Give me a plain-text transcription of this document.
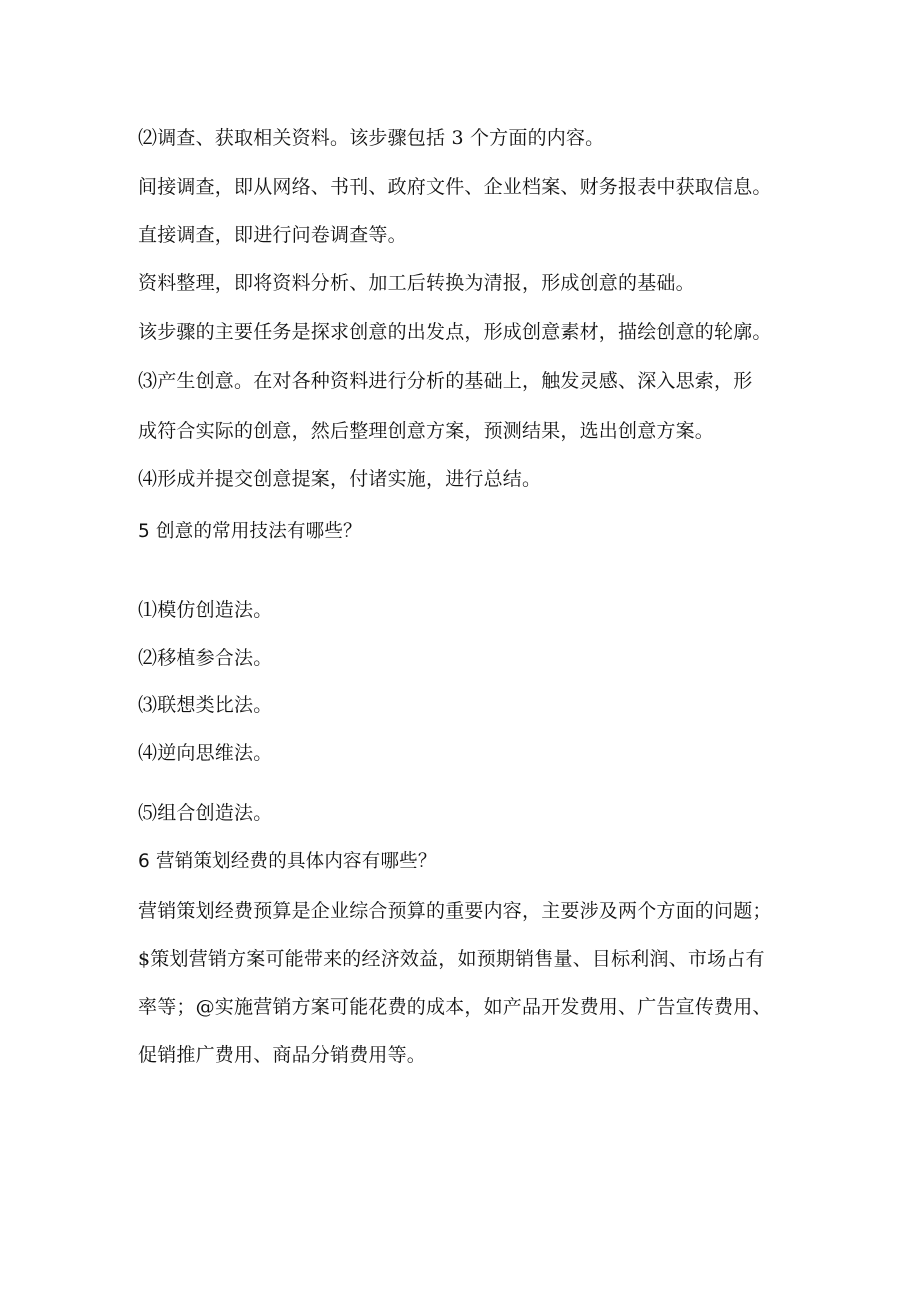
⑵调查、获取相关资料。该步骤包括 3 个方面的内容。
间接调查，即从网络、书刊、政府文件、企业档案、财务报表中获取信息。
直接调查，即进行问卷调查等。
资料整理，即将资料分析、加工后转换为清报，形成创意的基础。
该步骤的主要任务是探求创意的出发点，形成创意素材，描绘创意的轮廓。
⑶产生创意。在对各种资料进行分析的基础上，触发灵感、深入思索，形
成符合实际的创意，然后整理创意方案，预测结果，选出创意方案。
⑷形成并提交创意提案，付诸实施，进行总结。
5 创意的常用技法有哪些？
⑴模仿创造法。
⑵移植参合法。
⑶联想类比法。
⑷逆向思维法。
⑸组合创造法。
6 营销策划经费的具体内容有哪些？
营销策划经费预算是企业综合预算的重要内容，主要涉及两个方面的问题；
$策划营销方案可能带来的经济效益，如预期销售量、目标利润、市场占有
率等；@实施营销方案可能花费的成本，如产品开发费用、广告宣传费用、
促销推广费用、商品分销费用等。
